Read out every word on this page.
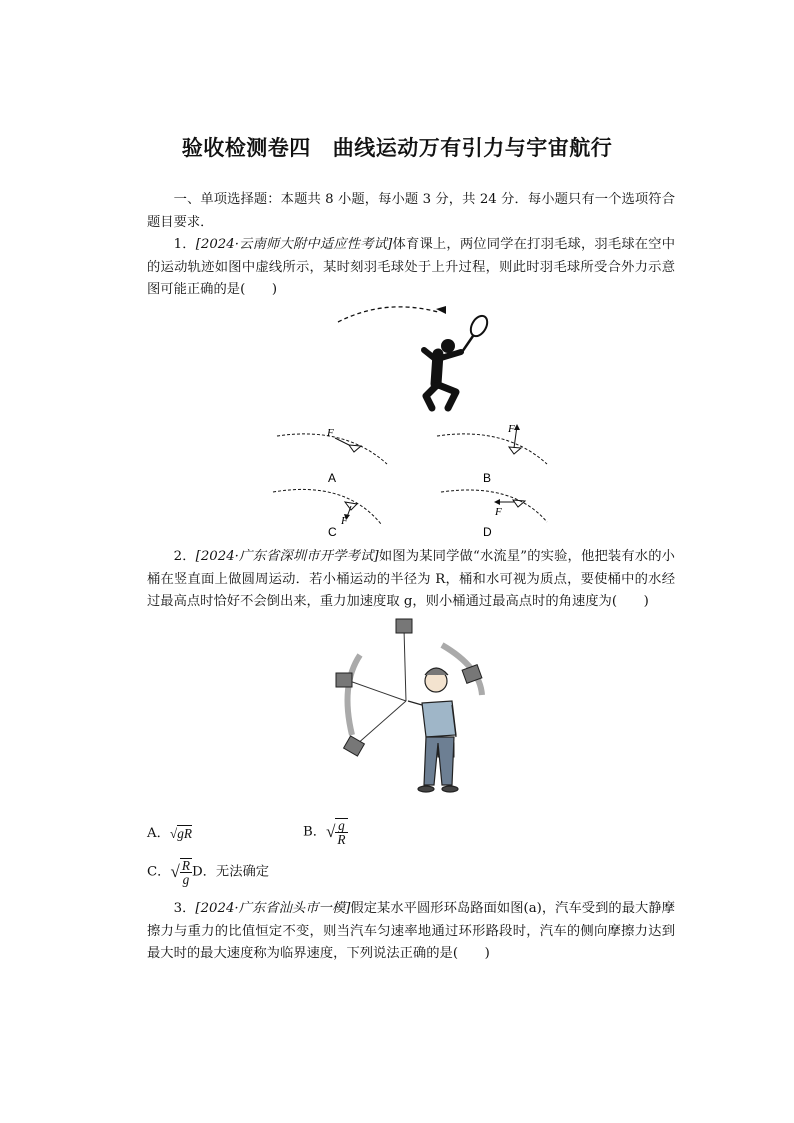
验收检测卷四 曲线运动万有引力与宇宙航行
一、单项选择题：本题共 8 小题，每小题 3 分，共 24 分．每小题只有一个选项符合题目要求．
1．[2024·云南师大附中适应性考试]体育课上，两位同学在打羽毛球，羽毛球在空中的运动轨迹如图中虚线所示，某时刻羽毛球处于上升过程，则此时羽毛球所受合外力示意图可能正确的是(　　)
F
A
F
B
F
C
F
D
2．[2024·广东省深圳市开学考试]如图为某同学做“水流星”的实验，他把装有水的小桶在竖直面上做圆周运动．若小桶运动的半径为 R，桶和水可视为质点，要使桶中的水经过最高点时恰好不会倒出来，重力加速度取 g，则小桶通过最高点时的角速度为(　　)
A．√gR	B．√ $\frac{g}{R}$
C．√ $\frac{R}{g}$ D．无法确定
3．[2024·广东省汕头市一模]假定某水平圆形环岛路面如图(a)，汽车受到的最大静摩擦力与重力的比值恒定不变，则当汽车匀速率地通过环形路段时，汽车的侧向摩擦力达到最大时的最大速度称为临界速度，下列说法正确的是(　　)
